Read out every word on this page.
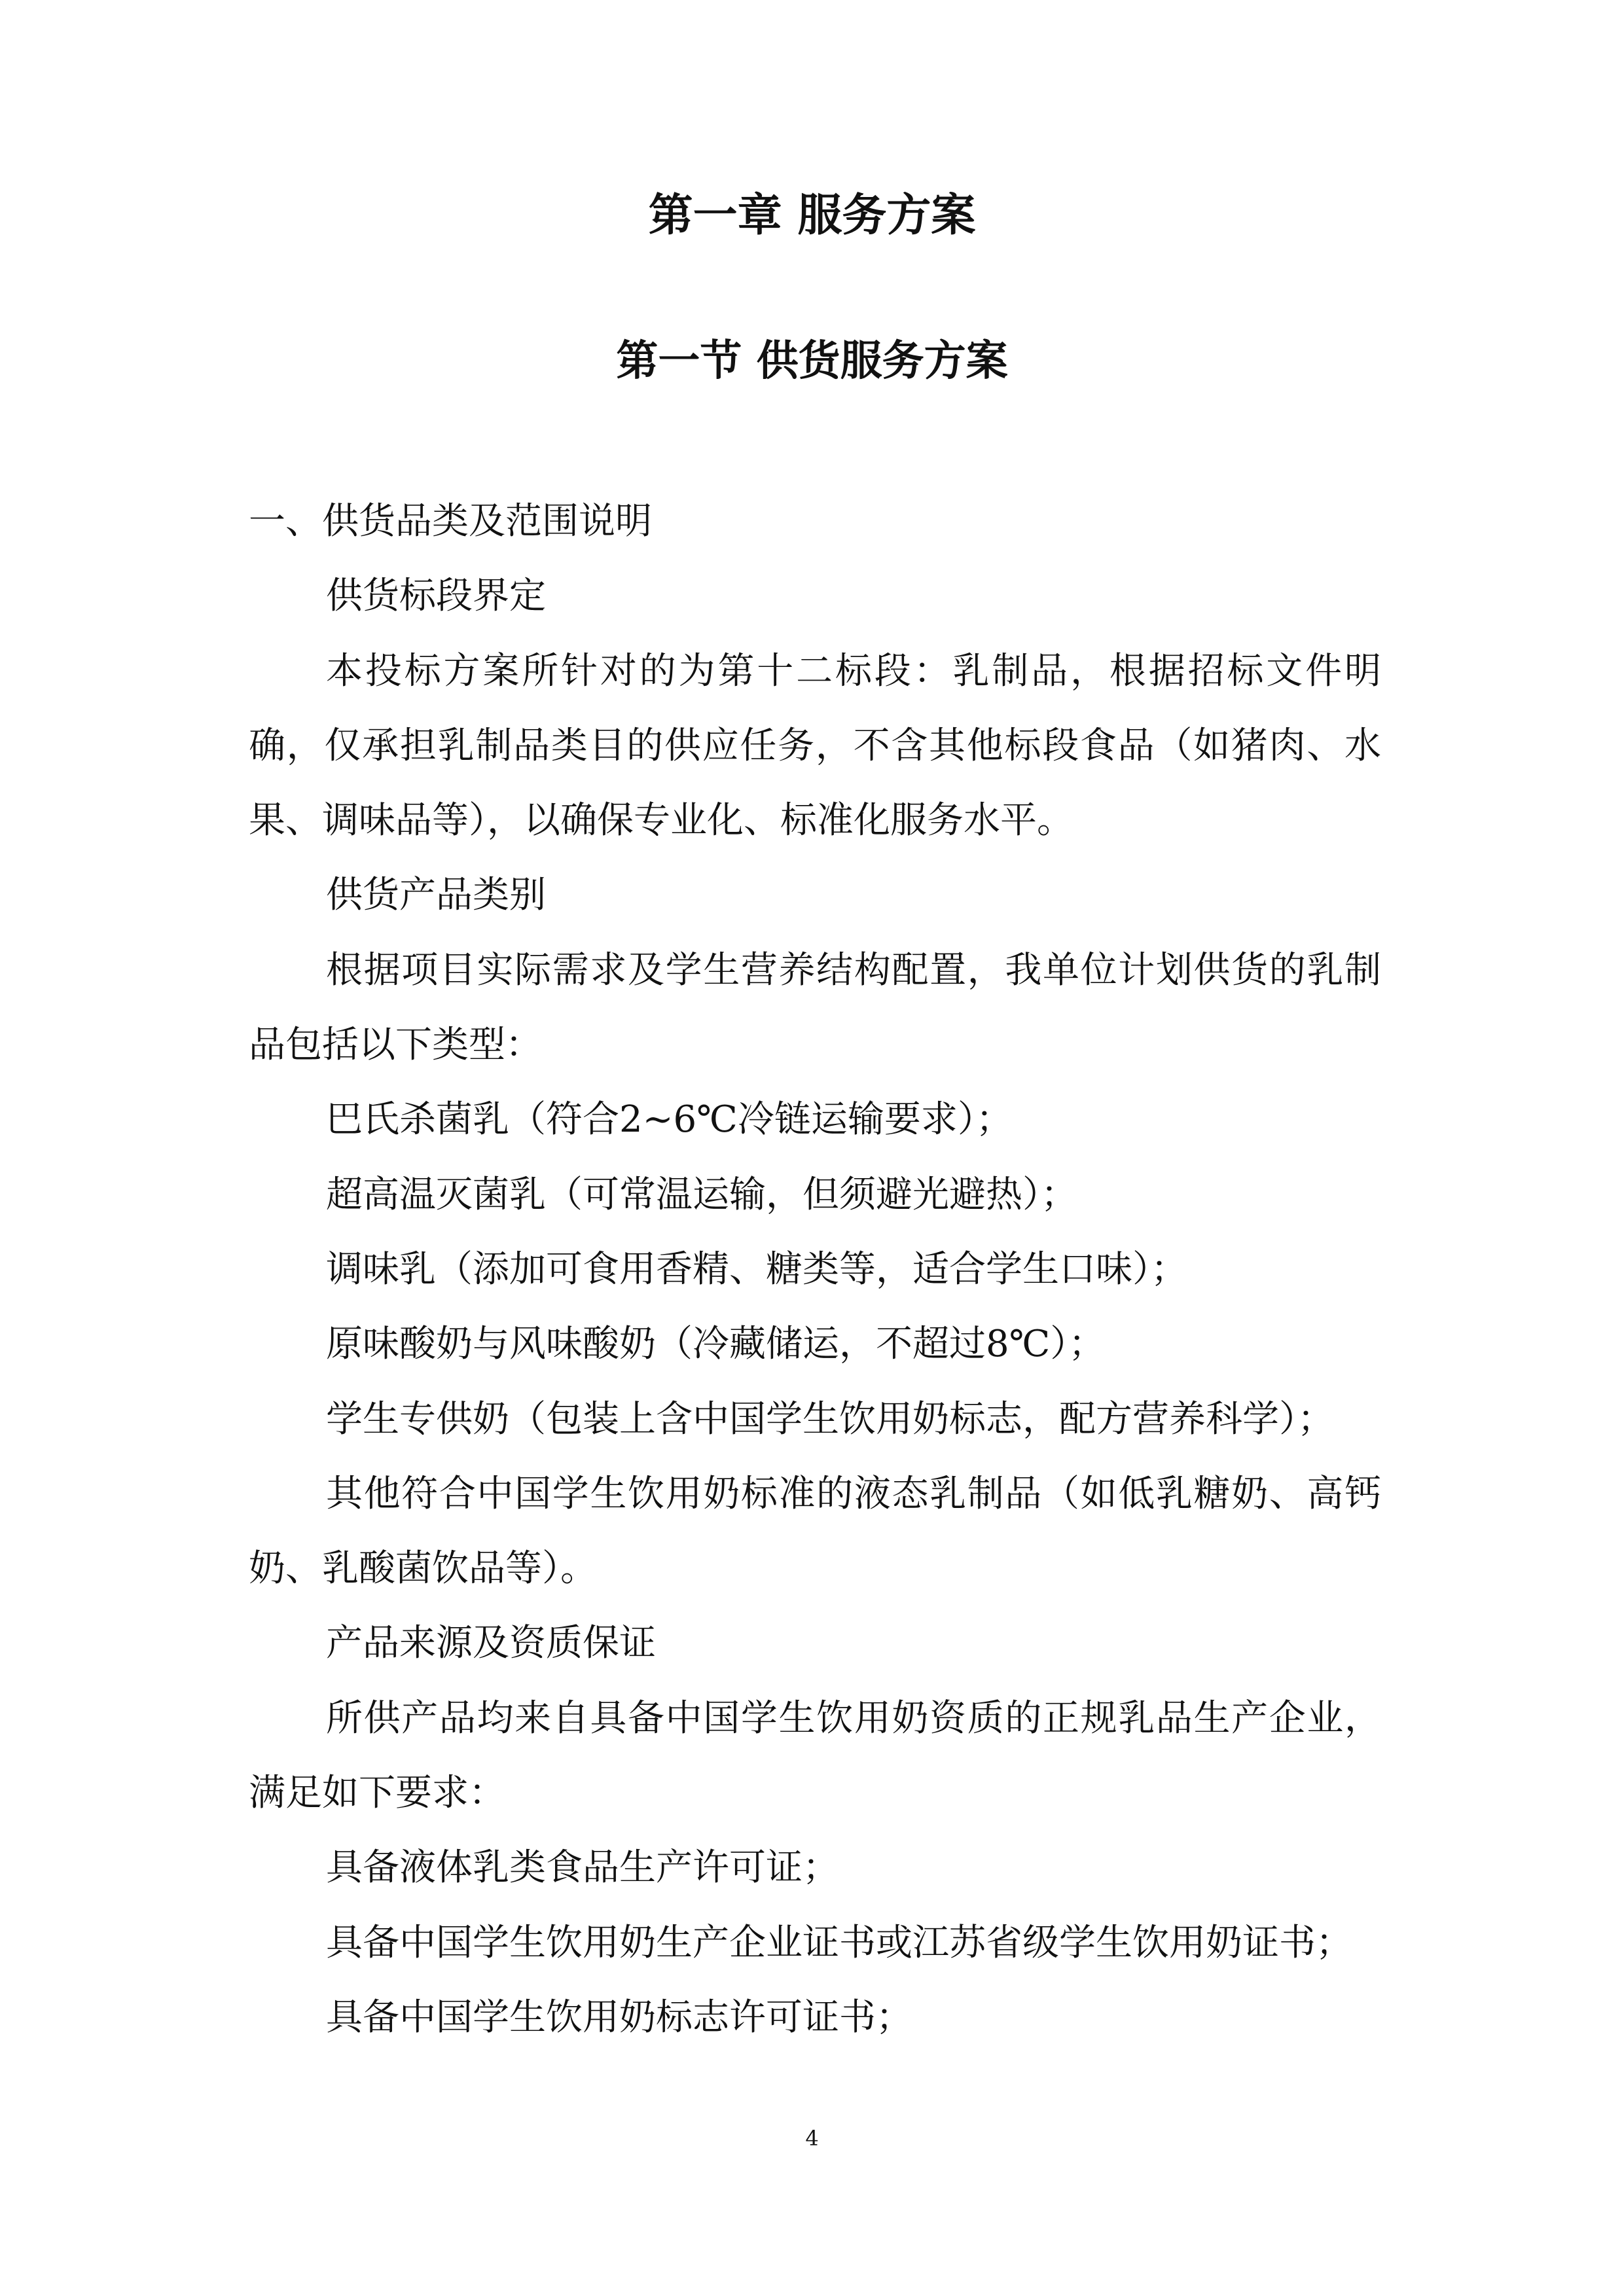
第一章 服务方案
第一节 供货服务方案

一、供货品类及范围说明

供货标段界定

本投标方案所针对的为第十二标段：乳制品，根据招标文件明确，仅承担乳制品类目的供应任务，不含其他标段食品（如猪肉、水果、调味品等），以确保专业化、标准化服务水平。

供货产品类别

根据项目实际需求及学生营养结构配置，我单位计划供货的乳制品包括以下类型：

巴氏杀菌乳（符合2~6℃冷链运输要求）；

超高温灭菌乳（可常温运输，但须避光避热）；

调味乳（添加可食用香精、糖类等，适合学生口味）；

原味酸奶与风味酸奶（冷藏储运，不超过8℃）；

学生专供奶（包装上含中国学生饮用奶标志，配方营养科学）；

其他符合中国学生饮用奶标准的液态乳制品（如低乳糖奶、高钙奶、乳酸菌饮品等）。

产品来源及资质保证

所供产品均来自具备中国学生饮用奶资质的正规乳品生产企业，满足如下要求：

具备液体乳类食品生产许可证；

具备中国学生饮用奶生产企业证书或江苏省级学生饮用奶证书；

具备中国学生饮用奶标志许可证书；

4
